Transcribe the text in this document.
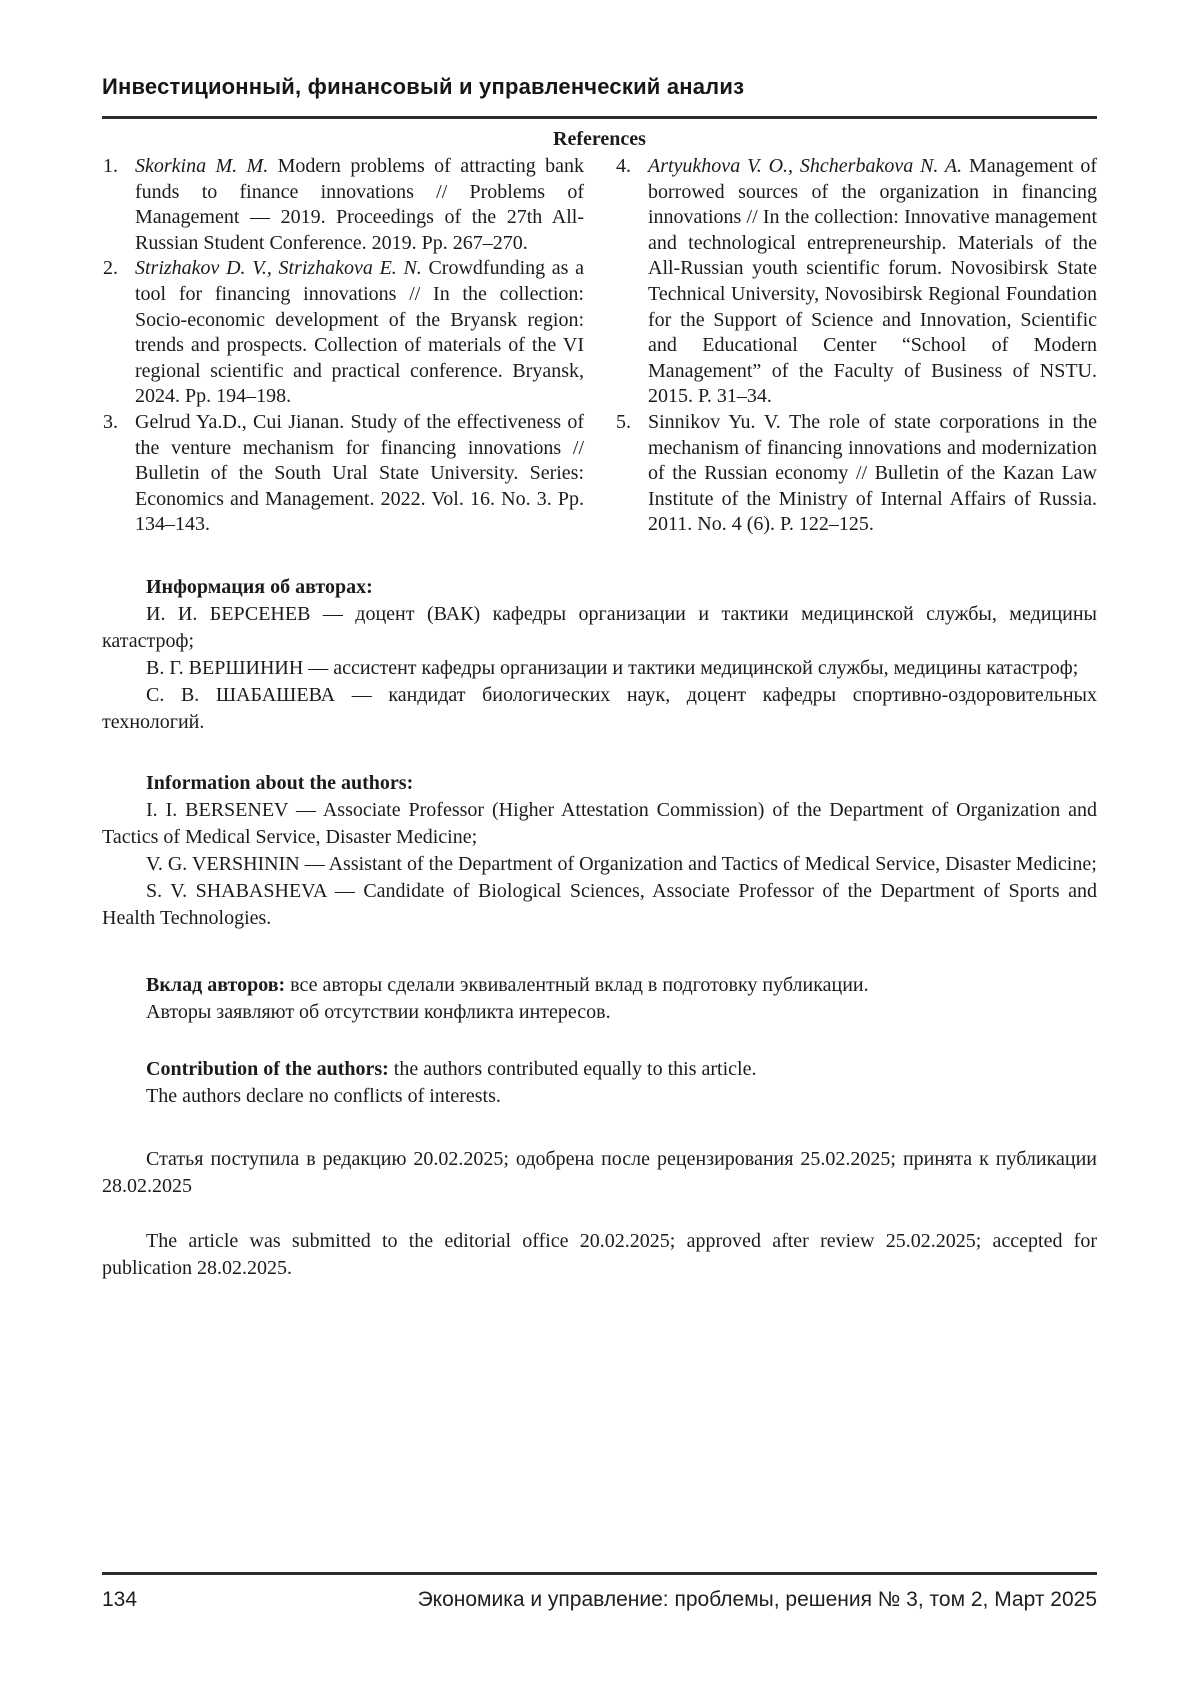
Инвестиционный, финансовый и управленческий анализ
References
1. Skorkina M. M. Modern problems of attracting bank funds to finance innovations // Problems of Management — 2019. Proceedings of the 27th All-Russian Student Conference. 2019. Pp. 267–270.
2. Strizhakov D. V., Strizhakova E. N. Crowdfunding as a tool for financing innovations // In the collection: Socio-economic development of the Bryansk region: trends and prospects. Collection of materials of the VI regional scientific and practical conference. Bryansk, 2024. Pp. 194–198.
3. Gelrud Ya.D., Cui Jianan. Study of the effectiveness of the venture mechanism for financing innovations // Bulletin of the South Ural State University. Series: Economics and Management. 2022. Vol. 16. No. 3. Pp. 134–143.
4. Artyukhova V. O., Shcherbakova N. A. Management of borrowed sources of the organization in financing innovations // In the collection: Innovative management and technological entrepreneurship. Materials of the All-Russian youth scientific forum. Novosibirsk State Technical University, Novosibirsk Regional Foundation for the Support of Science and Innovation, Scientific and Educational Center “School of Modern Management” of the Faculty of Business of NSTU. 2015. P. 31–34.
5. Sinnikov Yu. V. The role of state corporations in the mechanism of financing innovations and modernization of the Russian economy // Bulletin of the Kazan Law Institute of the Ministry of Internal Affairs of Russia. 2011. No. 4 (6). P. 122–125.
Информация об авторах:

И. И. БЕРСЕНЕВ — доцент (ВАК) кафедры организации и тактики медицинской службы, медицины катастроф;

В. Г. ВЕРШИНИН — ассистент кафедры организации и тактики медицинской службы, медицины катастроф;

С. В. ШАБАШЕВА — кандидат биологических наук, доцент кафедры спортивно-оздоровительных технологий.

Information about the authors:

I. I. BERSENEV — Associate Professor (Higher Attestation Commission) of the Department of Organization and Tactics of Medical Service, Disaster Medicine;

V. G. VERSHININ — Assistant of the Department of Organization and Tactics of Medical Service, Disaster Medicine;

S. V. SHABASHEVA — Candidate of Biological Sciences, Associate Professor of the Department of Sports and Health Technologies.

Вклад авторов: все авторы сделали эквивалентный вклад в подготовку публикации.

Авторы заявляют об отсутствии конфликта интересов.

Contribution of the authors: the authors contributed equally to this article.

The authors declare no conflicts of interests.

Статья поступила в редакцию 20.02.2025; одобрена после рецензирования 25.02.2025; принята к публикации 28.02.2025

The article was submitted to the editorial office 20.02.2025; approved after review 25.02.2025; accepted for publication 28.02.2025.

134	Экономика и управление: проблемы, решения № 3, том 2, Март 2025
